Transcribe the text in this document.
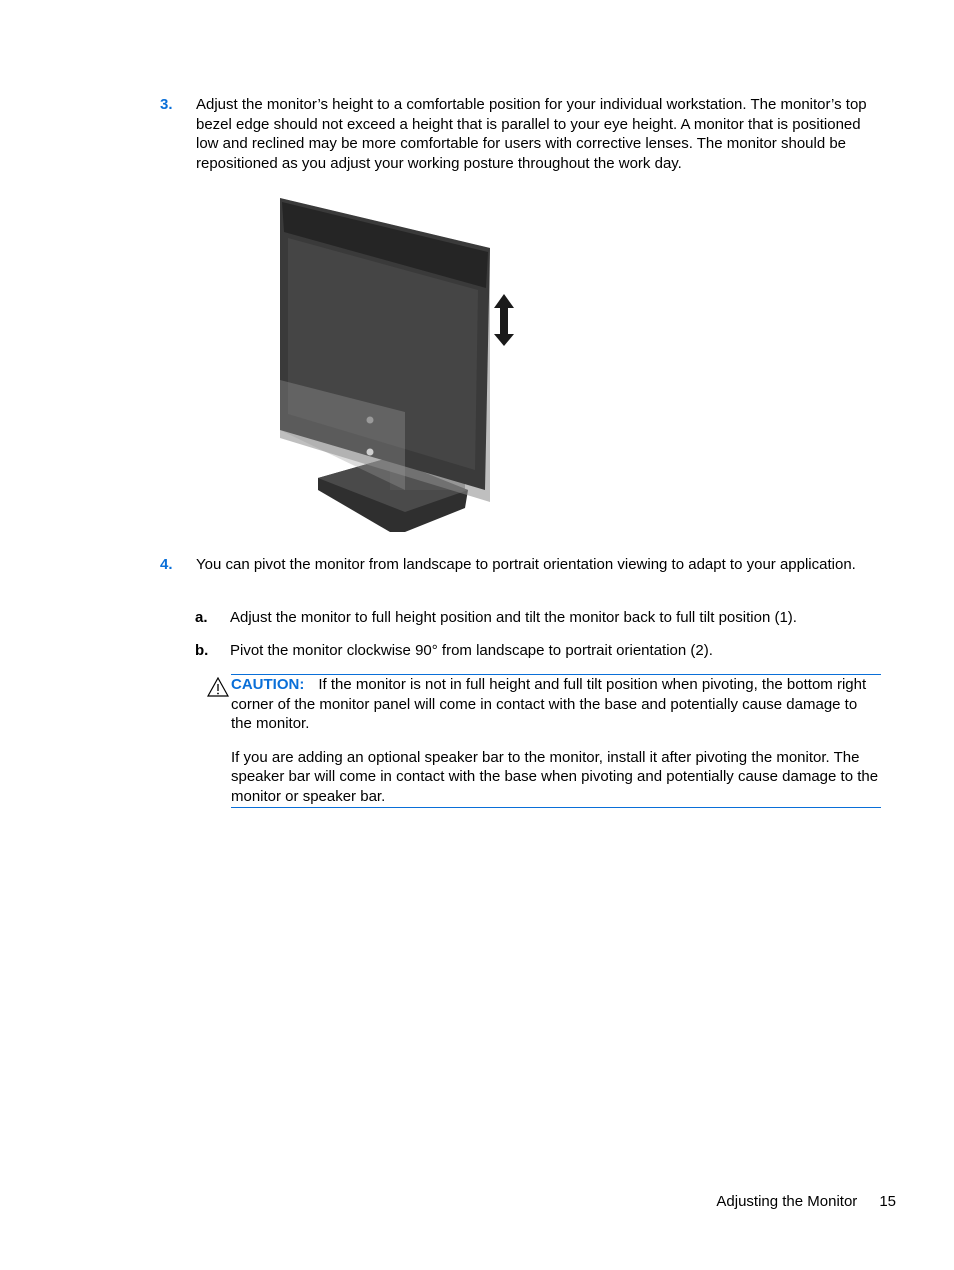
3. Adjust the monitor’s height to a comfortable position for your individual workstation. The monitor’s top bezel edge should not exceed a height that is parallel to your eye height. A monitor that is positioned low and reclined may be more comfortable for users with corrective lenses. The monitor should be repositioned as you adjust your working posture throughout the work day.
4. You can pivot the monitor from landscape to portrait orientation viewing to adapt to your application.
a. Adjust the monitor to full height position and tilt the monitor back to full tilt position (1).
b. Pivot the monitor clockwise 90° from landscape to portrait orientation (2).

CAUTION: If the monitor is not in full height and full tilt position when pivoting, the bottom right corner of the monitor panel will come in contact with the base and potentially cause damage to the monitor.

If you are adding an optional speaker bar to the monitor, install it after pivoting the monitor. The speaker bar will come in contact with the base when pivoting and potentially cause damage to the monitor or speaker bar.

Adjusting the Monitor 15
